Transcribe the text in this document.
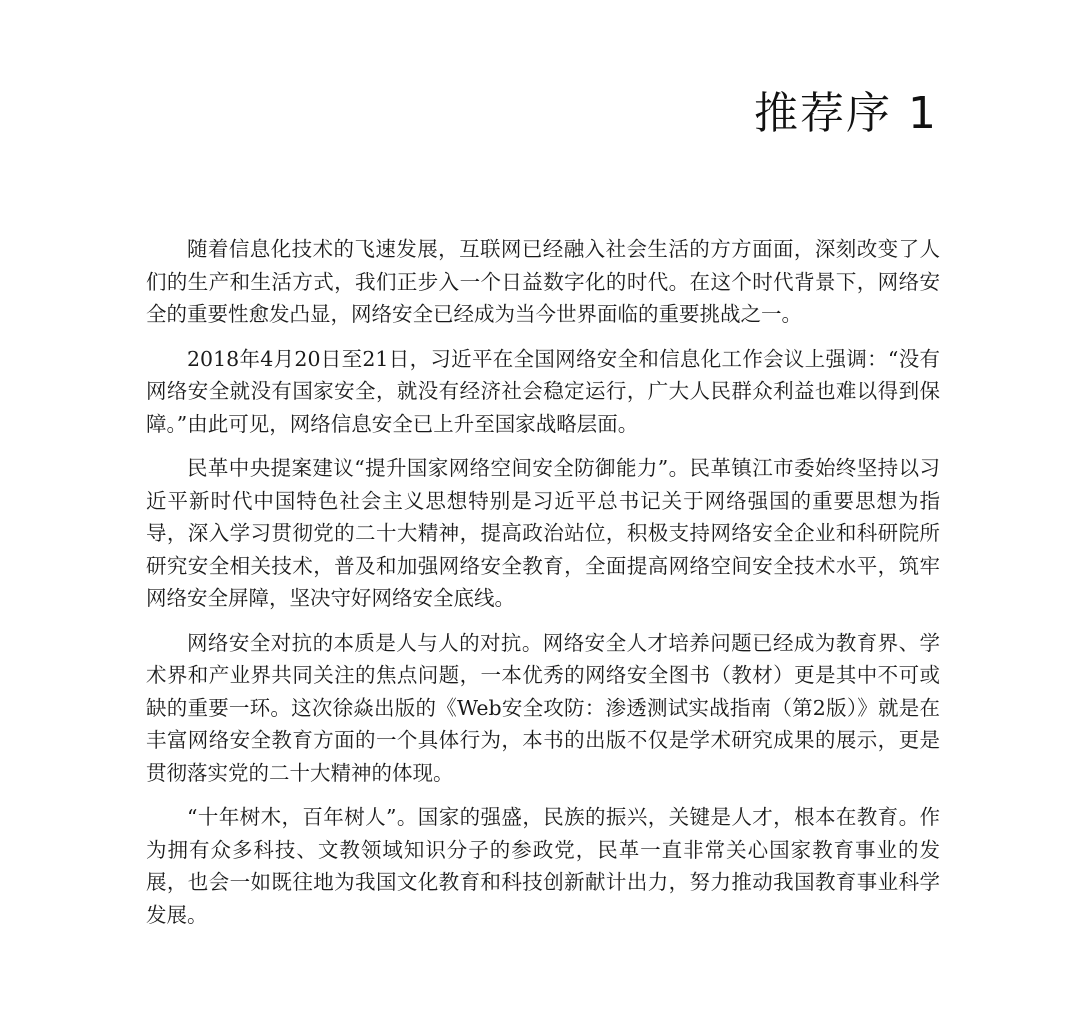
推荐序 1

随着信息化技术的飞速发展，互联网已经融入社会生活的方方面面，深刻改变了人们的生产和生活方式，我们正步入一个日益数字化的时代。在这个时代背景下，网络安全的重要性愈发凸显，网络安全已经成为当今世界面临的重要挑战之一。

2018年4月20日至21日，习近平在全国网络安全和信息化工作会议上强调：“没有网络安全就没有国家安全，就没有经济社会稳定运行，广大人民群众利益也难以得到保障。”由此可见，网络信息安全已上升至国家战略层面。

民革中央提案建议“提升国家网络空间安全防御能力”。民革镇江市委始终坚持以习近平新时代中国特色社会主义思想特别是习近平总书记关于网络强国的重要思想为指导，深入学习贯彻党的二十大精神，提高政治站位，积极支持网络安全企业和科研院所研究安全相关技术，普及和加强网络安全教育，全面提高网络空间安全技术水平，筑牢网络安全屏障，坚决守好网络安全底线。

网络安全对抗的本质是人与人的对抗。网络安全人才培养问题已经成为教育界、学术界和产业界共同关注的焦点问题，一本优秀的网络安全图书（教材）更是其中不可或缺的重要一环。这次徐焱出版的《Web安全攻防：渗透测试实战指南（第2版）》就是在丰富网络安全教育方面的一个具体行为，本书的出版不仅是学术研究成果的展示，更是贯彻落实党的二十大精神的体现。

“十年树木，百年树人”。国家的强盛，民族的振兴，关键是人才，根本在教育。作为拥有众多科技、文教领域知识分子的参政党，民革一直非常关心国家教育事业的发展，也会一如既往地为我国文化教育和科技创新献计出力，努力推动我国教育事业科学发展。
